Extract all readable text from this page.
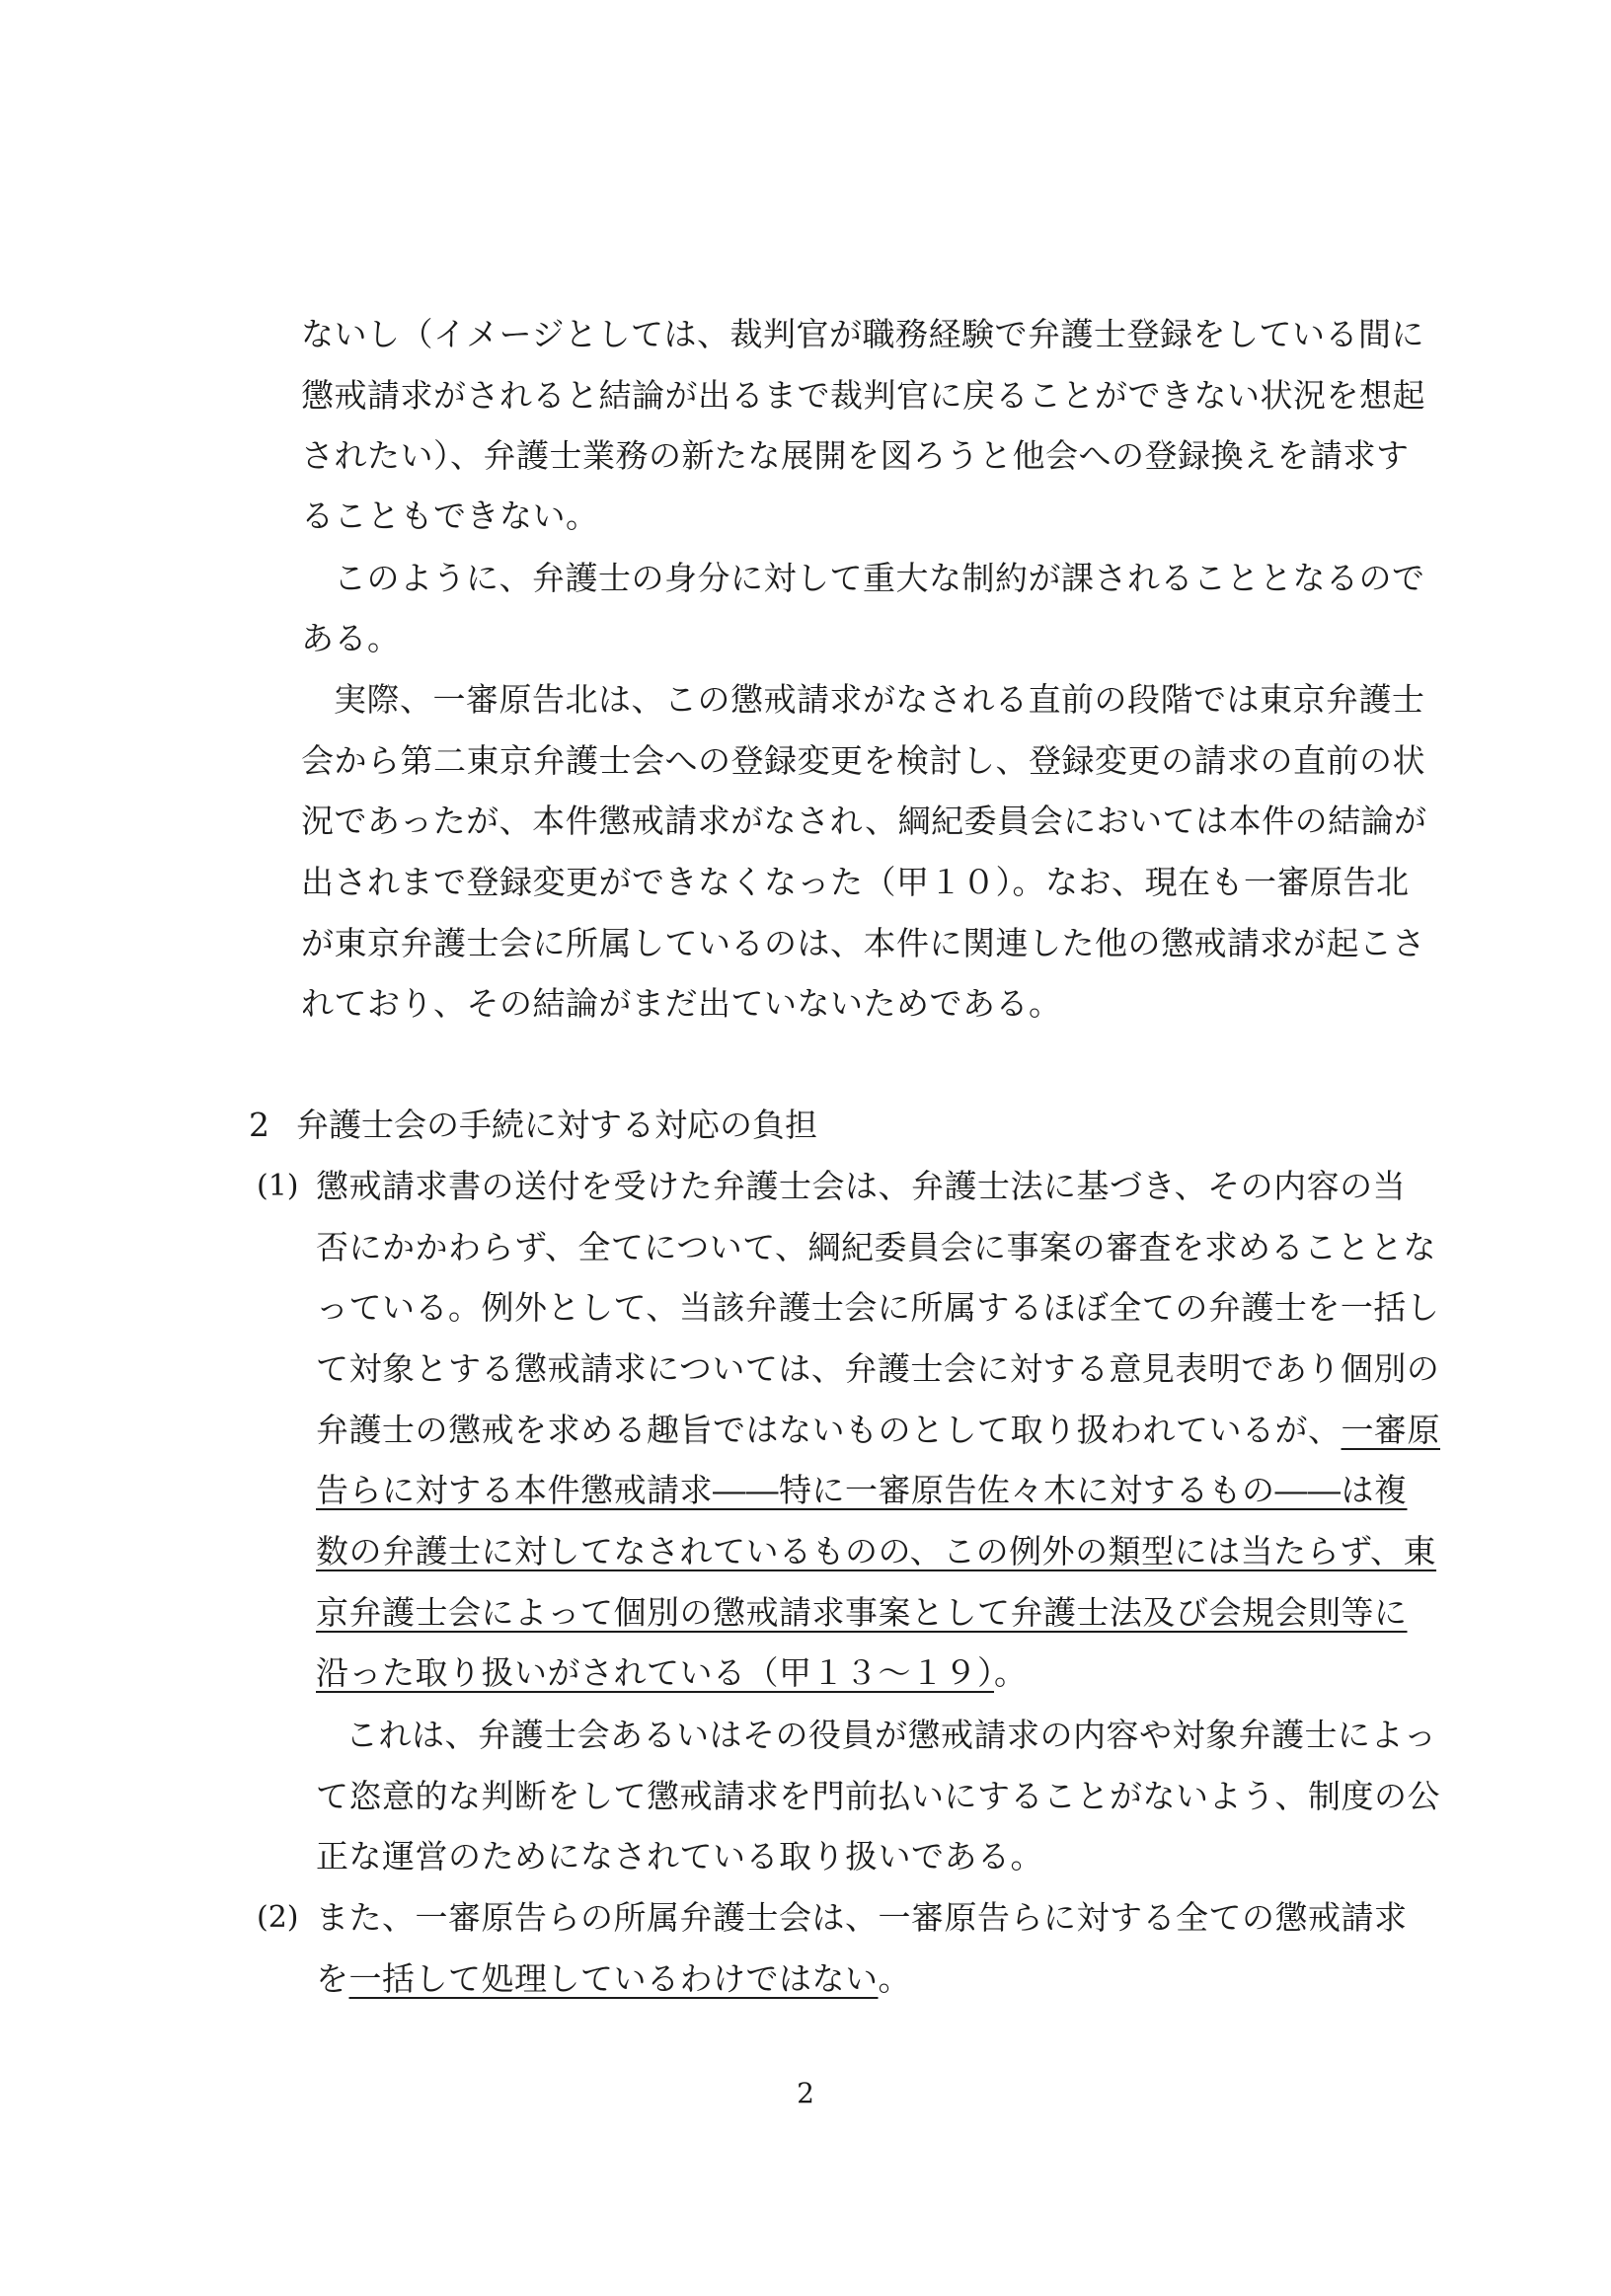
ないし（イメージとしては、裁判官が職務経験で弁護士登録をしている間に
懲戒請求がされると結論が出るまで裁判官に戻ることができない状況を想起
されたい）、弁護士業務の新たな展開を図ろうと他会への登録換えを請求す
ることもできない。
このように、弁護士の身分に対して重大な制約が課されることとなるので
ある。
実際、一審原告北は、この懲戒請求がなされる直前の段階では東京弁護士
会から第二東京弁護士会への登録変更を検討し、登録変更の請求の直前の状
況であったが、本件懲戒請求がなされ、綱紀委員会においては本件の結論が
出されまで登録変更ができなくなった（甲１０）。なお、現在も一審原告北
が東京弁護士会に所属しているのは、本件に関連した他の懲戒請求が起こさ
れており、その結論がまだ出ていないためである。
2 弁護士会の手続に対する対応の負担
(1) 懲戒請求書の送付を受けた弁護士会は、弁護士法に基づき、その内容の当
否にかかわらず、全てについて、綱紀委員会に事案の審査を求めることとな
っている。例外として、当該弁護士会に所属するほぼ全ての弁護士を一括し
て対象とする懲戒請求については、弁護士会に対する意見表明であり個別の
弁護士の懲戒を求める趣旨ではないものとして取り扱われているが、一審原
告らに対する本件懲戒請求――特に一審原告佐々木に対するもの――は複
数の弁護士に対してなされているものの、この例外の類型には当たらず、東
京弁護士会によって個別の懲戒請求事案として弁護士法及び会規会則等に
沿った取り扱いがされている（甲１３～１９）。
これは、弁護士会あるいはその役員が懲戒請求の内容や対象弁護士によっ
て恣意的な判断をして懲戒請求を門前払いにすることがないよう、制度の公
正な運営のためになされている取り扱いである。
(2) また、一審原告らの所属弁護士会は、一審原告らに対する全ての懲戒請求
を一括して処理しているわけではない。
2
